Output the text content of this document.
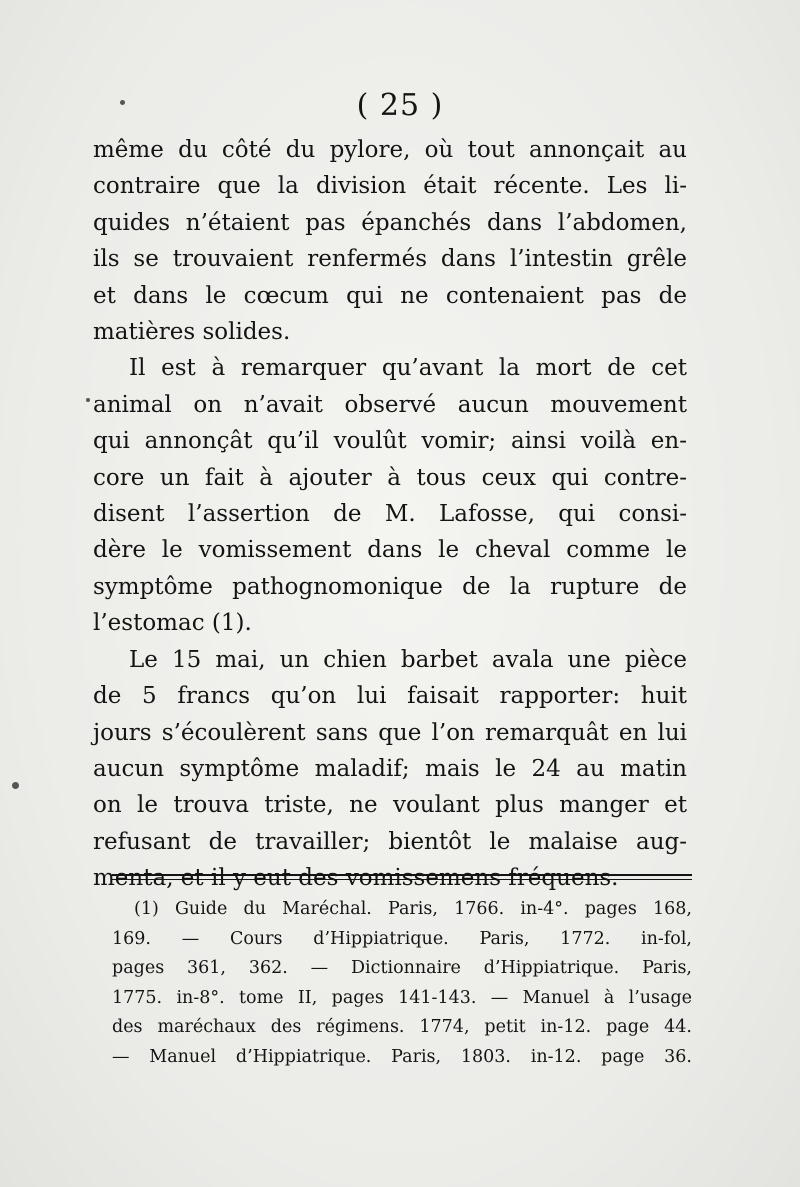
( 25 )

même du côté du pylore, où tout annonçait au
contraire que la division était récente. Les li-
quides n’étaient pas épanchés dans l’abdomen,
ils se trouvaient renfermés dans l’intestin grêle
et dans le cœcum qui ne contenaient pas de
matières solides.

Il est à remarquer qu’avant la mort de cet
animal on n’avait observé aucun mouvement
qui annonçât qu’il voulût vomir; ainsi voilà en-
core un fait à ajouter à tous ceux qui contre-
disent l’assertion de M. Lafosse, qui consi-
dère le vomissement dans le cheval comme le
symptôme pathognomonique de la rupture de
l’estomac (1).

Le 15 mai, un chien barbet avala une pièce
de 5 francs qu’on lui faisait rapporter: huit
jours s’écoulèrent sans que l’on remarquât en lui
aucun symptôme maladif; mais le 24 au matin
on le trouva triste, ne voulant plus manger et
refusant de travailler; bientôt le malaise aug-
menta, et il y eut des vomissemens fréquens.

(1) Guide du Maréchal. Paris, 1766. in-4°. pages 168,
169. — Cours d’Hippiatrique. Paris, 1772. in-fol,
pages 361, 362. — Dictionnaire d’Hippiatrique. Paris,
1775. in-8°. tome II, pages 141-143. — Manuel à l’usage
des maréchaux des régimens. 1774, petit in-12. page 44.
— Manuel d’Hippiatrique. Paris, 1803. in-12. page 36.
